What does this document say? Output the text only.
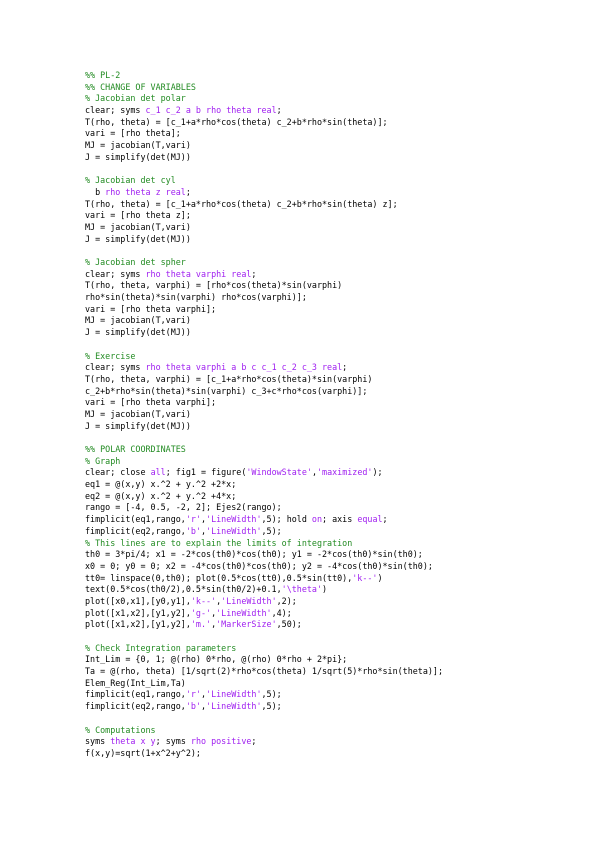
%% PL-2
%% CHANGE OF VARIABLES
% Jacobian det polar
clear; syms c_1 c_2 a b rho theta real;
T(rho, theta) = [c_1+a*rho*cos(theta) c_2+b*rho*sin(theta)];
vari = [rho theta];
MJ = jacobian(T,vari)
J = simplify(det(MJ))
% Jacobian det cyl
b rho theta z real;
T(rho, theta) = [c_1+a*rho*cos(theta) c_2+b*rho*sin(theta) z];
vari = [rho theta z];
MJ = jacobian(T,vari)
J = simplify(det(MJ))
% Jacobian det spher
clear; syms rho theta varphi real;
T(rho, theta, varphi) = [rho*cos(theta)*sin(varphi)
rho*sin(theta)*sin(varphi) rho*cos(varphi)];
vari = [rho theta varphi];
MJ = jacobian(T,vari)
J = simplify(det(MJ))
% Exercise
clear; syms rho theta varphi a b c c_1 c_2 c_3 real;
T(rho, theta, varphi) = [c_1+a*rho*cos(theta)*sin(varphi)
c_2+b*rho*sin(theta)*sin(varphi) c_3+c*rho*cos(varphi)];
vari = [rho theta varphi];
MJ = jacobian(T,vari)
J = simplify(det(MJ))
%% POLAR COORDINATES
% Graph
clear; close all; fig1 = figure('WindowState','maximized');
eq1 = @(x,y) x.^2 + y.^2 +2*x;
eq2 = @(x,y) x.^2 + y.^2 +4*x;
rango = [-4, 0.5, -2, 2]; Ejes2(rango);
fimplicit(eq1,rango,'r','LineWidth',5); hold on; axis equal;
fimplicit(eq2,rango,'b','LineWidth',5);
% This lines are to explain the limits of integration
th0 = 3*pi/4; x1 = -2*cos(th0)*cos(th0); y1 = -2*cos(th0)*sin(th0);
x0 = 0; y0 = 0; x2 = -4*cos(th0)*cos(th0); y2 = -4*cos(th0)*sin(th0);
tt0= linspace(0,th0); plot(0.5*cos(tt0),0.5*sin(tt0),'k--')
text(0.5*cos(th0/2),0.5*sin(th0/2)+0.1,'\theta')
plot([x0,x1],[y0,y1],'k--','LineWidth',2);
plot([x1,x2],[y1,y2],'g-','LineWidth',4);
plot([x1,x2],[y1,y2],'m.','MarkerSize',50);
% Check Integration parameters
Int_Lim = {0, 1; @(rho) 0*rho, @(rho) 0*rho + 2*pi};
Ta = @(rho, theta) [1/sqrt(2)*rho*cos(theta) 1/sqrt(5)*rho*sin(theta)];
Elem_Reg(Int_Lim,Ta)
fimplicit(eq1,rango,'r','LineWidth',5);
fimplicit(eq2,rango,'b','LineWidth',5);
% Computations
syms theta x y; syms rho positive;
f(x,y)=sqrt(1+x^2+y^2);
